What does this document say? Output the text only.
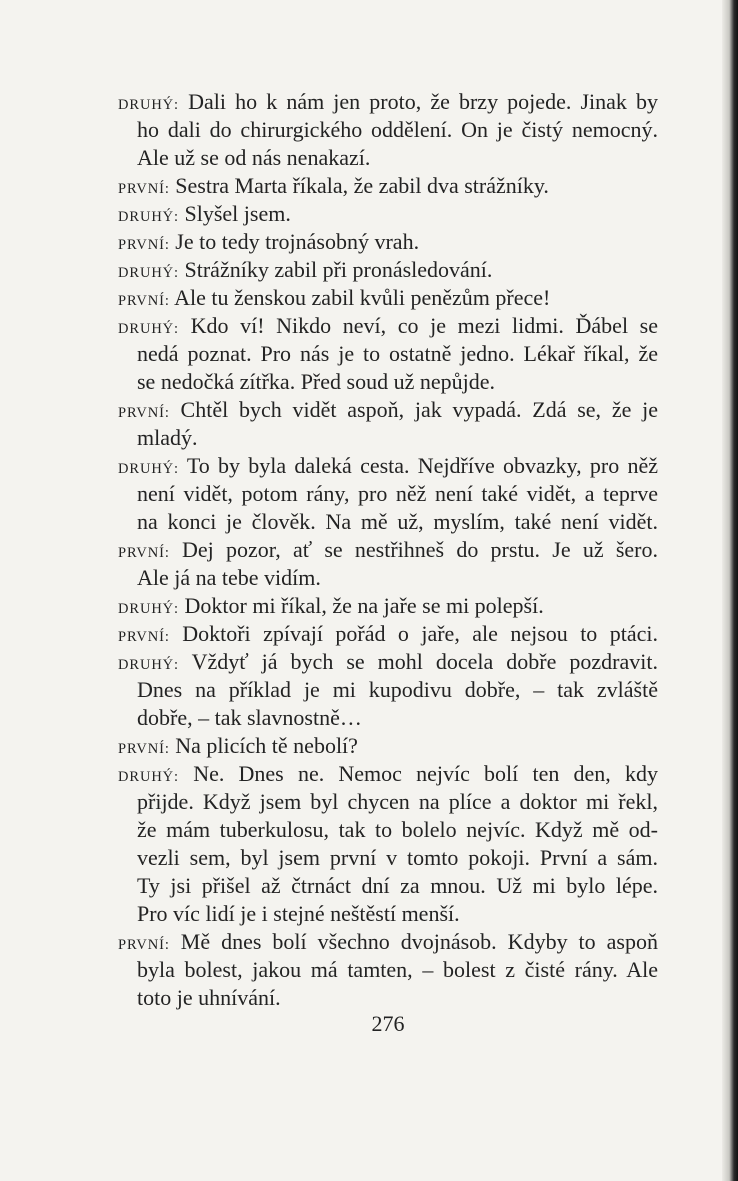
DRUHÝ: Dali ho k nám jen proto, že brzy pojede. Jinak by
ho dali do chirurgického oddělení. On je čistý nemocný.
Ale už se od nás nenakazí.
PRVNÍ: Sestra Marta říkala, že zabil dva strážníky.
DRUHÝ: Slyšel jsem.
PRVNÍ: Je to tedy trojnásobný vrah.
DRUHÝ: Strážníky zabil při pronásledování.
PRVNÍ: Ale tu ženskou zabil kvůli penězům přece!
DRUHÝ: Kdo ví! Nikdo neví, co je mezi lidmi. Ďábel se
nedá poznat. Pro nás je to ostatně jedno. Lékař říkal, že
se nedočká zítřka. Před soud už nepůjde.
PRVNÍ: Chtěl bych vidět aspoň, jak vypadá. Zdá se, že je
mladý.
DRUHÝ: To by byla daleká cesta. Nejdříve obvazky, pro něž
není vidět, potom rány, pro něž není také vidět, a teprve
na konci je člověk. Na mě už, myslím, také není vidět.
PRVNÍ: Dej pozor, ať se nestřihneš do prstu. Je už šero.
Ale já na tebe vidím.
DRUHÝ: Doktor mi říkal, že na jaře se mi polepší.
PRVNÍ: Doktoři zpívají pořád o jaře, ale nejsou to ptáci.
DRUHÝ: Vždyť já bych se mohl docela dobře pozdravit.
Dnes na příklad je mi kupodivu dobře, – tak zvláště
dobře, – tak slavnostně…
PRVNÍ: Na plicích tě nebolí?
DRUHÝ: Ne. Dnes ne. Nemoc nejvíc bolí ten den, kdy
přijde. Když jsem byl chycen na plíce a doktor mi řekl,
že mám tuberkulosu, tak to bolelo nejvíc. Když mě od-
vezli sem, byl jsem první v tomto pokoji. První a sám.
Ty jsi přišel až čtrnáct dní za mnou. Už mi bylo lépe.
Pro víc lidí je i stejné neštěstí menší.
PRVNÍ: Mě dnes bolí všechno dvojnásob. Kdyby to aspoň
byla bolest, jakou má tamten, – bolest z čisté rány. Ale
toto je uhnívání.
276
